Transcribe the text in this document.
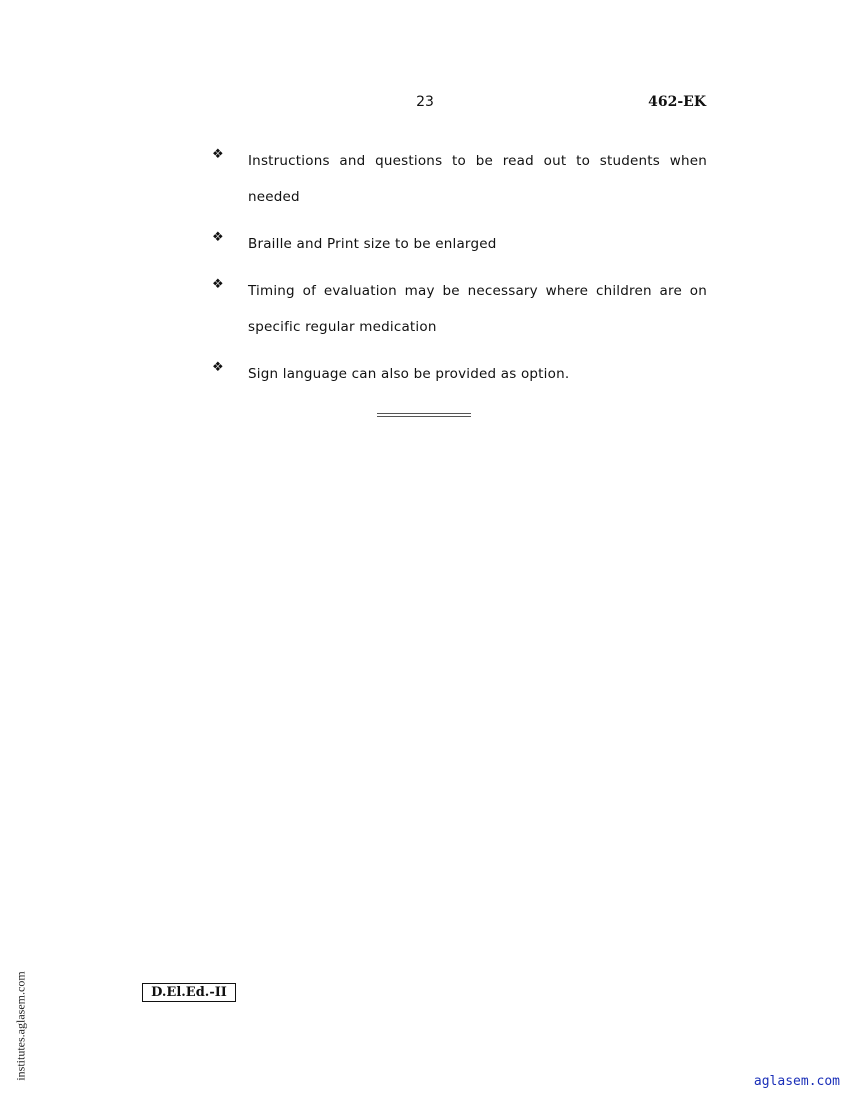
23	462-EK
❖ Instructions and questions to be read out to students when needed
❖ Braille and Print size to be enlarged
❖ Timing of evaluation may be necessary where children are on specific regular medication
❖ Sign language can also be provided as option.
D.El.Ed.-II
institutes.aglasem.com
aglasem.com
